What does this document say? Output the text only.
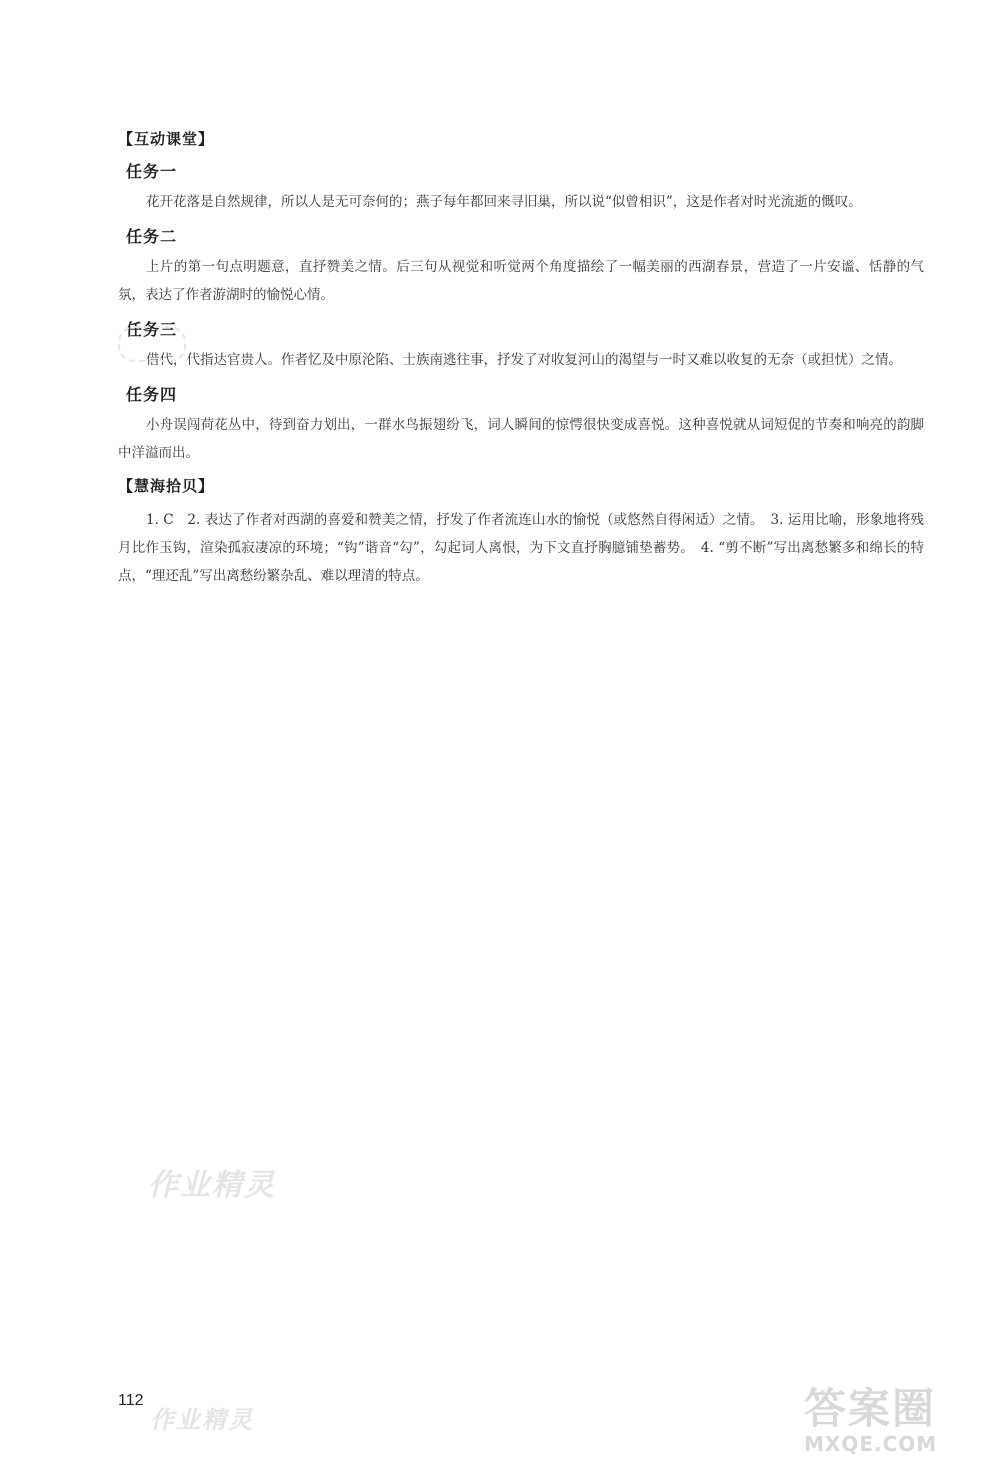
【互动课堂】
任务一

花开花落是自然规律，所以人是无可奈何的；燕子每年都回来寻旧巢，所以说“似曾相识”，这是作者对时光流逝的慨叹。

任务二

上片的第一句点明题意，直抒赞美之情。后三句从视觉和听觉两个角度描绘了一幅美丽的西湖春景，营造了一片安谧、恬静的气氛，表达了作者游湖时的愉悦心情。

任务三

借代，代指达官贵人。作者忆及中原沦陷、士族南逃往事，抒发了对收复河山的渴望与一时又难以收复的无奈（或担忧）之情。

任务四

小舟误闯荷花丛中，待到奋力划出，一群水鸟振翅纷飞，词人瞬间的惊愕很快变成喜悦。这种喜悦就从词短促的节奏和响亮的韵脚中洋溢而出。

【慧海拾贝】

1. C　2. 表达了作者对西湖的喜爱和赞美之情，抒发了作者流连山水的愉悦（或悠然自得闲适）之情。　3. 运用比喻，形象地将残月比作玉钩，渲染孤寂凄凉的环境；“钩”谐音“勾”，勾起词人离恨，为下文直抒胸臆铺垫蓄势。　4. “剪不断”写出离愁繁多和绵长的特点，“理还乱”写出离愁纷繁杂乱、难以理清的特点。

作业精灵
112
作业精灵	答案圈
MXQE.COM
